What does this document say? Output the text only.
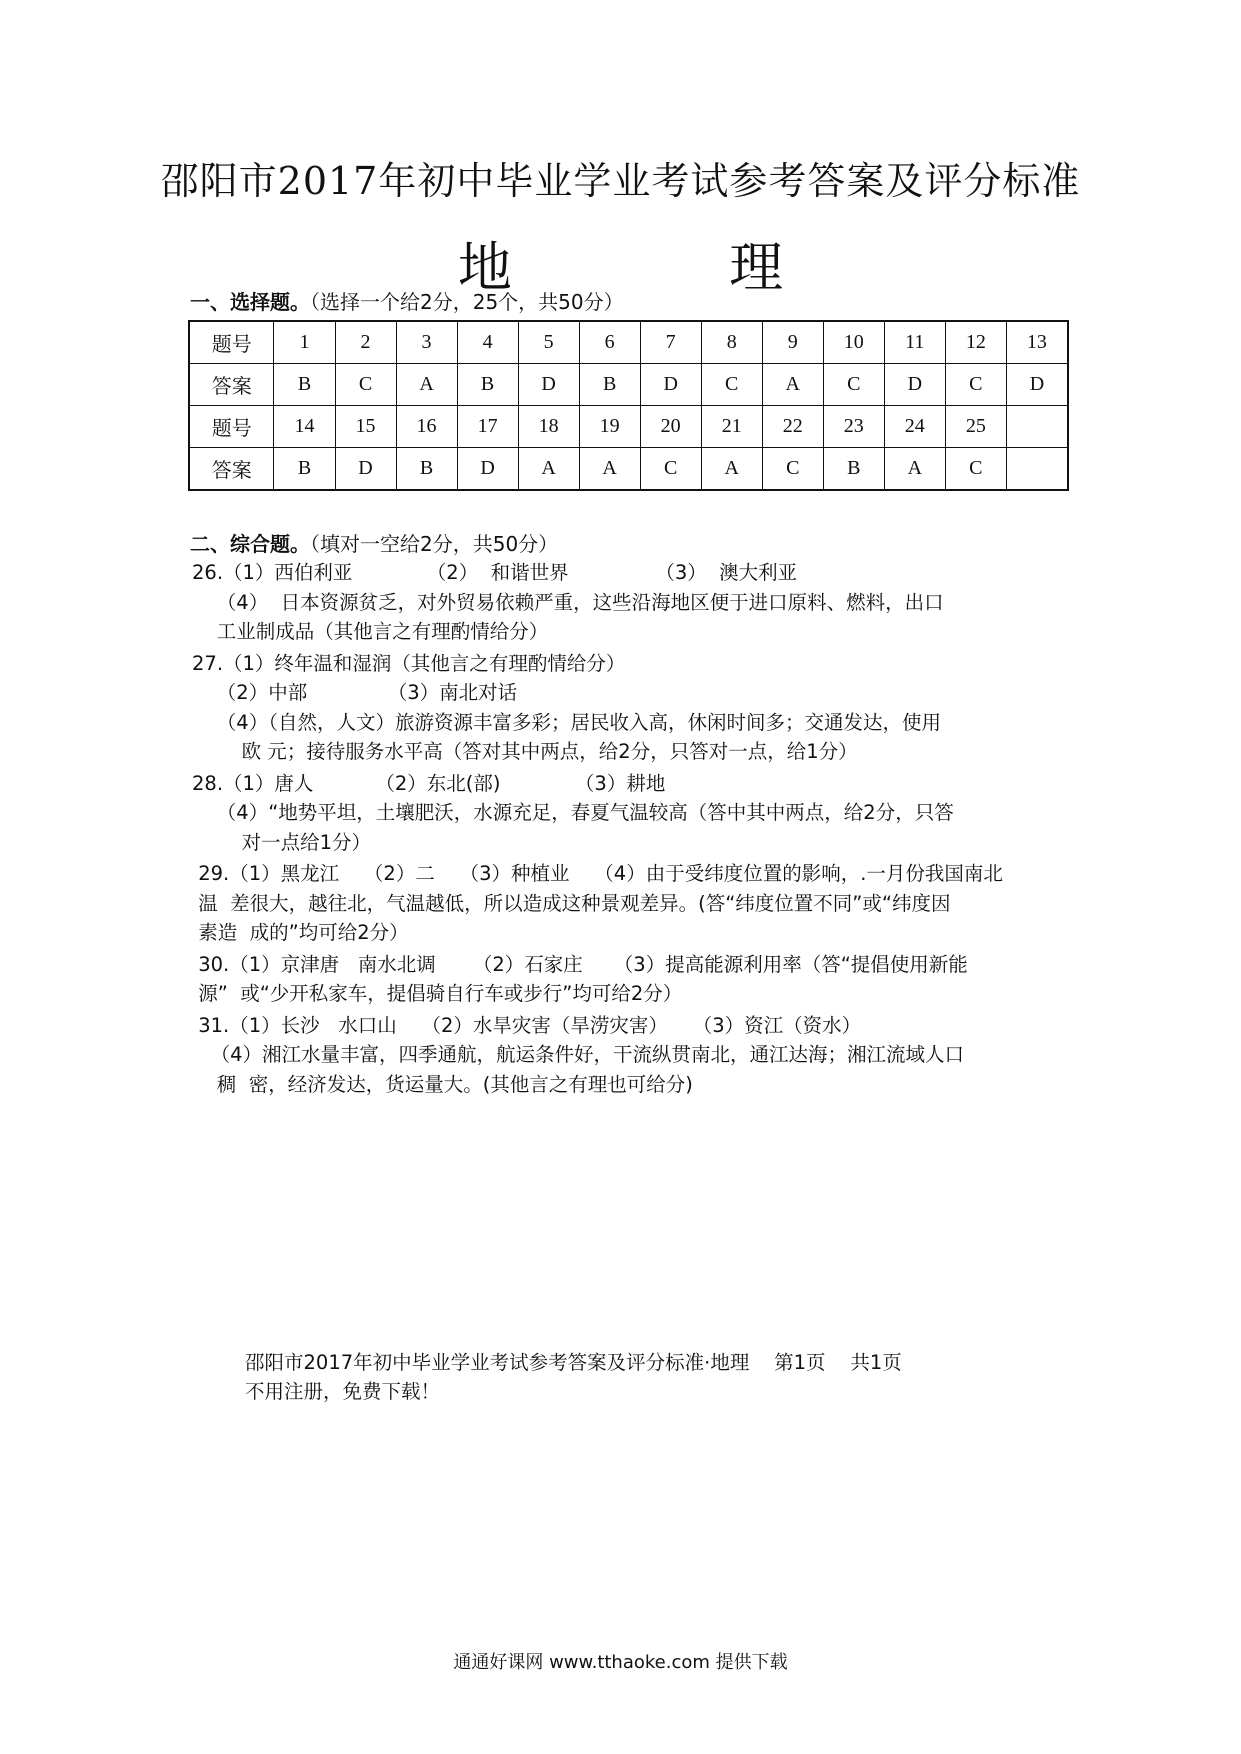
邵阳市2017年初中毕业学业考试参考答案及评分标准
地 理
一、选择题。（选择一个给2分，25个，共50分）
题号	1	2	3	4	5	6	7	8	9	10	11	12	13
答案	B	C	A	B	D	B	D	C	A	C	D	C	D
题号	14	15	16	17	18	19	20	21	22	23	24	25	
答案	B	D	B	D	A	A	C	A	C	B	A	C	
二、综合题。（填对一空给2分，共50分）
26.（1）西伯利亚            （2）  和谐世界              （3）  澳大利亚
（4）  日本资源贫乏，对外贸易依赖严重，这些沿海地区便于进口原料、燃料，出口
工业制成品（其他言之有理酌情给分）
27.（1）终年温和湿润（其他言之有理酌情给分）
（2）中部             （3）南北对话
（4）（自然，人文）旅游资源丰富多彩；居民收入高，休闲时间多；交通发达，使用
欧 元；接待服务水平高（答对其中两点，给2分，只答对一点，给1分）
28.（1）唐人          （2）东北(部)            （3）耕地
（4）“地势平坦，土壤肥沃，水源充足，春夏气温较高（答中其中两点，给2分，只答
对一点给1分）
29.（1）黑龙江    （2）二    （3）种植业    （4）由于受纬度位置的影响，.一月份我国南北
温  差很大，越往北，气温越低，所以造成这种景观差异。(答“纬度位置不同”或“纬度因
素造  成的”均可给2分）
30.（1）京津唐   南水北调      （2）石家庄     （3）提高能源利用率（答“提倡使用新能
源”  或“少开私家车，提倡骑自行车或步行”均可给2分）
31.（1）长沙   水口山    （2）水旱灾害（旱涝灾害）    （3）资江（资水）
（4）湘江水量丰富，四季通航，航运条件好，干流纵贯南北，通江达海；湘江流域人口
稠  密，经济发达，货运量大。(其他言之有理也可给分)
邵阳市2017年初中毕业学业考试参考答案及评分标准·地理    第1页    共1页
不用注册，免费下载！
通通好课网 www.tthaoke.com 提供下载
